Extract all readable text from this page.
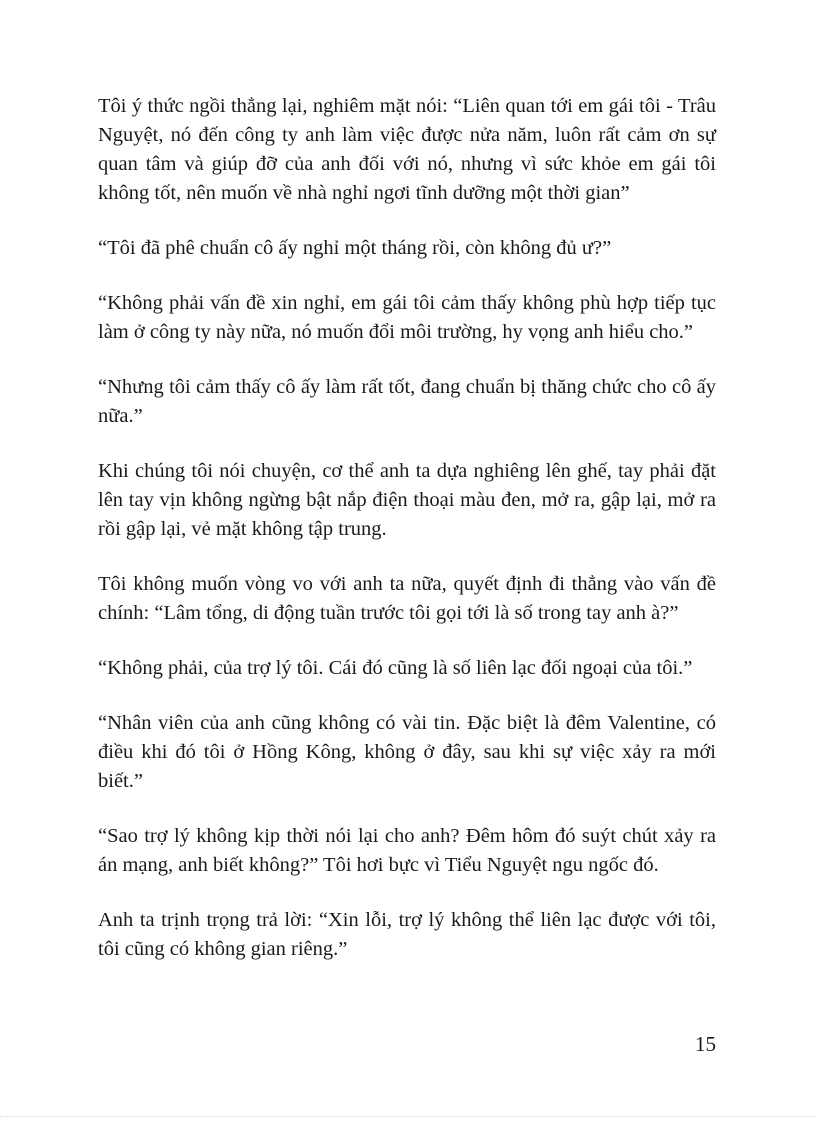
Tôi ý thức ngồi thẳng lại, nghiêm mặt nói: “Liên quan tới em gái tôi - Trâu Nguyệt, nó đến công ty anh làm việc được nửa năm, luôn rất cảm ơn sự quan tâm và giúp đỡ của anh đối với nó, nhưng vì sức khỏe em gái tôi không tốt, nên muốn về nhà nghỉ ngơi tĩnh dưỡng một thời gian”

“Tôi đã phê chuẩn cô ấy nghỉ một tháng rồi, còn không đủ ư?”

“Không phải vấn đề xin nghỉ, em gái tôi cảm thấy không phù hợp tiếp tục làm ở công ty này nữa, nó muốn đổi môi trường, hy vọng anh hiểu cho.”

“Nhưng tôi cảm thấy cô ấy làm rất tốt, đang chuẩn bị thăng chức cho cô ấy nữa.”

Khi chúng tôi nói chuyện, cơ thể anh ta dựa nghiêng lên ghế, tay phải đặt lên tay vịn không ngừng bật nắp điện thoại màu đen, mở ra, gập lại, mở ra rồi gập lại, vẻ mặt không tập trung.

Tôi không muốn vòng vo với anh ta nữa, quyết định đi thẳng vào vấn đề chính: “Lâm tổng, di động tuần trước tôi gọi tới là số trong tay anh à?”

“Không phải, của trợ lý tôi. Cái đó cũng là số liên lạc đối ngoại của tôi.”

“Nhân viên của anh cũng không có vài tin. Đặc biệt là đêm Valentine, có điều khi đó tôi ở Hồng Kông, không ở đây, sau khi sự việc xảy ra mới biết.”

“Sao trợ lý không kịp thời nói lại cho anh? Đêm hôm đó suýt chút xảy ra án mạng, anh biết không?” Tôi hơi bực vì Tiểu Nguyệt ngu ngốc đó.

Anh ta trịnh trọng trả lời: “Xin lỗi, trợ lý không thể liên lạc được với tôi, tôi cũng có không gian riêng.”

15
